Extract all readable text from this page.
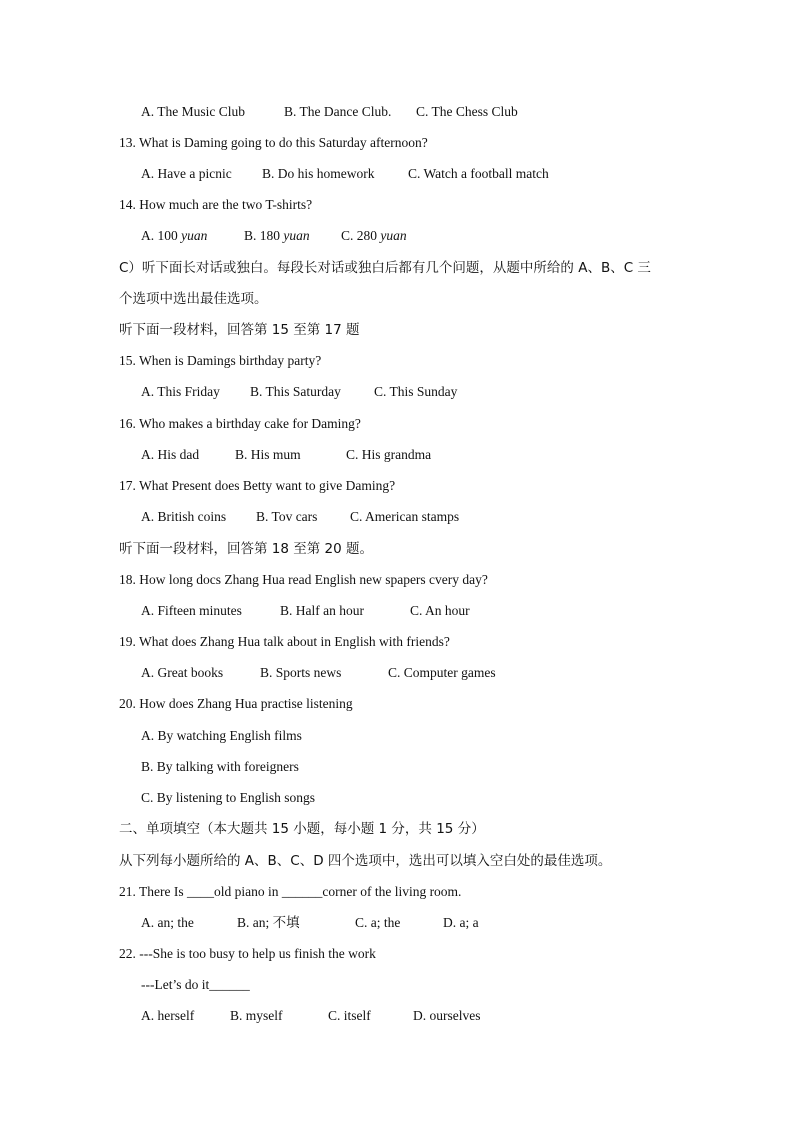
A. The Music Club	B. The Dance Club. C. The Chess Club
13. What is Daming going to do this Saturday afternoon?
A. Have a picnic B. Do his homework C. Watch a football match
14. How much are the two T-shirts?
A. 100 yuan	B. 180 yuan C. 280 yuan
C）听下面长对话或独白。每段长对话或独白后都有几个问题，从题中所给的 A、B、C 三
个选项中选出最佳选项。
听下面一段材料，回答第 15 至第 17 题
15. When is Damings birthday party?
A. This Friday B. This Saturday C. This Sunday
16. Who makes a birthday cake for Daming?
A. His dad	B. His mum	C. His grandma
17. What Present does Betty want to give Daming?
A. British coins B. Tov cars C. American stamps
听下面一段材料，回答第 18 至第 20 题。
18. How long docs Zhang Hua read English new spapers cvery day?
A. Fifteen minutes	B. Half an hour	C. An hour
19. What does Zhang Hua talk about in English with friends?
A. Great books	B. Sports news	C. Computer games
20. How does Zhang Hua practise listening
A. By watching English films
B. By talking with foreigners
C. By listening to English songs
二、单项填空（本大题共 15 小题，每小题 1 分，共 15 分）
从下列每小题所给的 A、B、C、D 四个选项中，选出可以填入空白处的最佳选项。
21. There Is ____old piano in ______corner of the living room.
A. an; the	B. an; 不填	C. a; the	D. a; a
22. ---She is too busy to help us finish the work
---Let’s do it______
A. herself	B. myself	C. itself	D. ourselves
